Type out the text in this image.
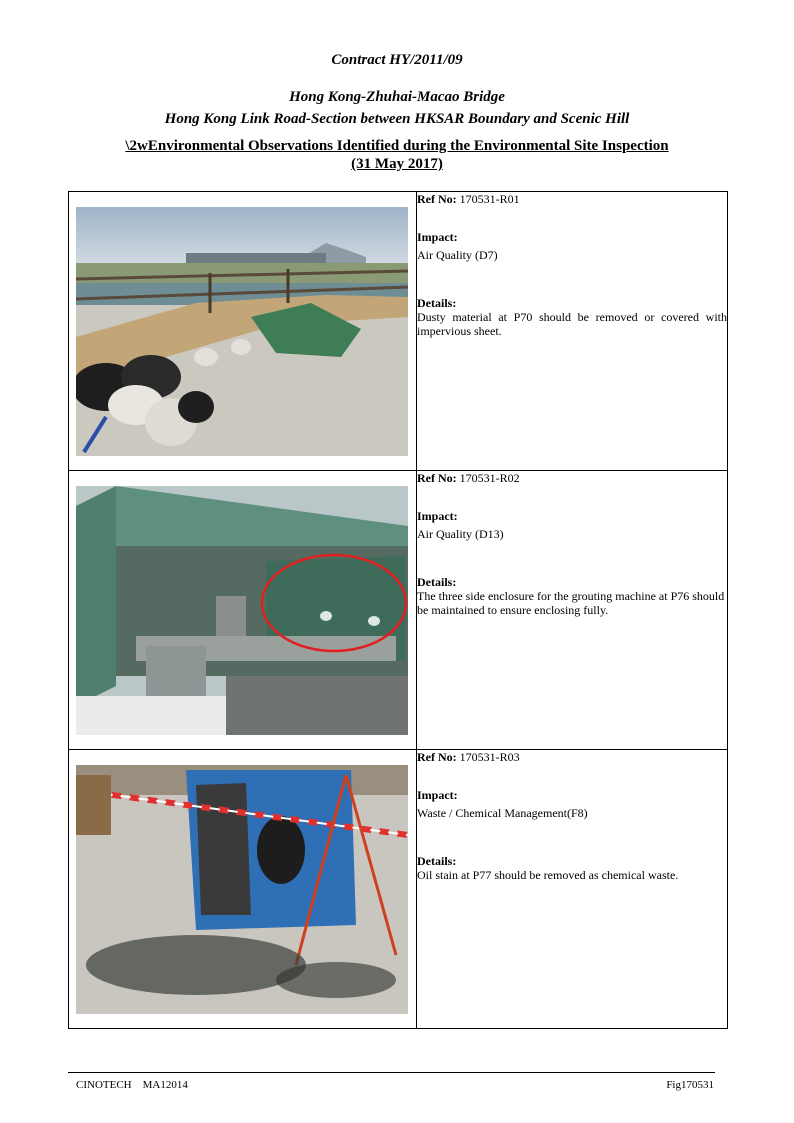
Contract HY/2011/09
Hong Kong-Zhuhai-Macao Bridge
Hong Kong Link Road-Section between HKSAR Boundary and Scenic Hill
\2wEnvironmental Observations Identified during the Environmental Site Inspection
(31 May 2017)

Ref No: 170531-R01
Impact:
Air Quality (D7)
Details:
Dusty material at P70 should be removed or covered with impervious sheet.

Ref No: 170531-R02
Impact:
Air Quality (D13)
Details:
The three side enclosure for the grouting machine at P76 should be maintained to ensure enclosing fully.

Ref No: 170531-R03
Impact:
Waste / Chemical Management(F8)
Details:
Oil stain at P77 should be removed as chemical waste.
CINOTECH MA12014	Fig170531
